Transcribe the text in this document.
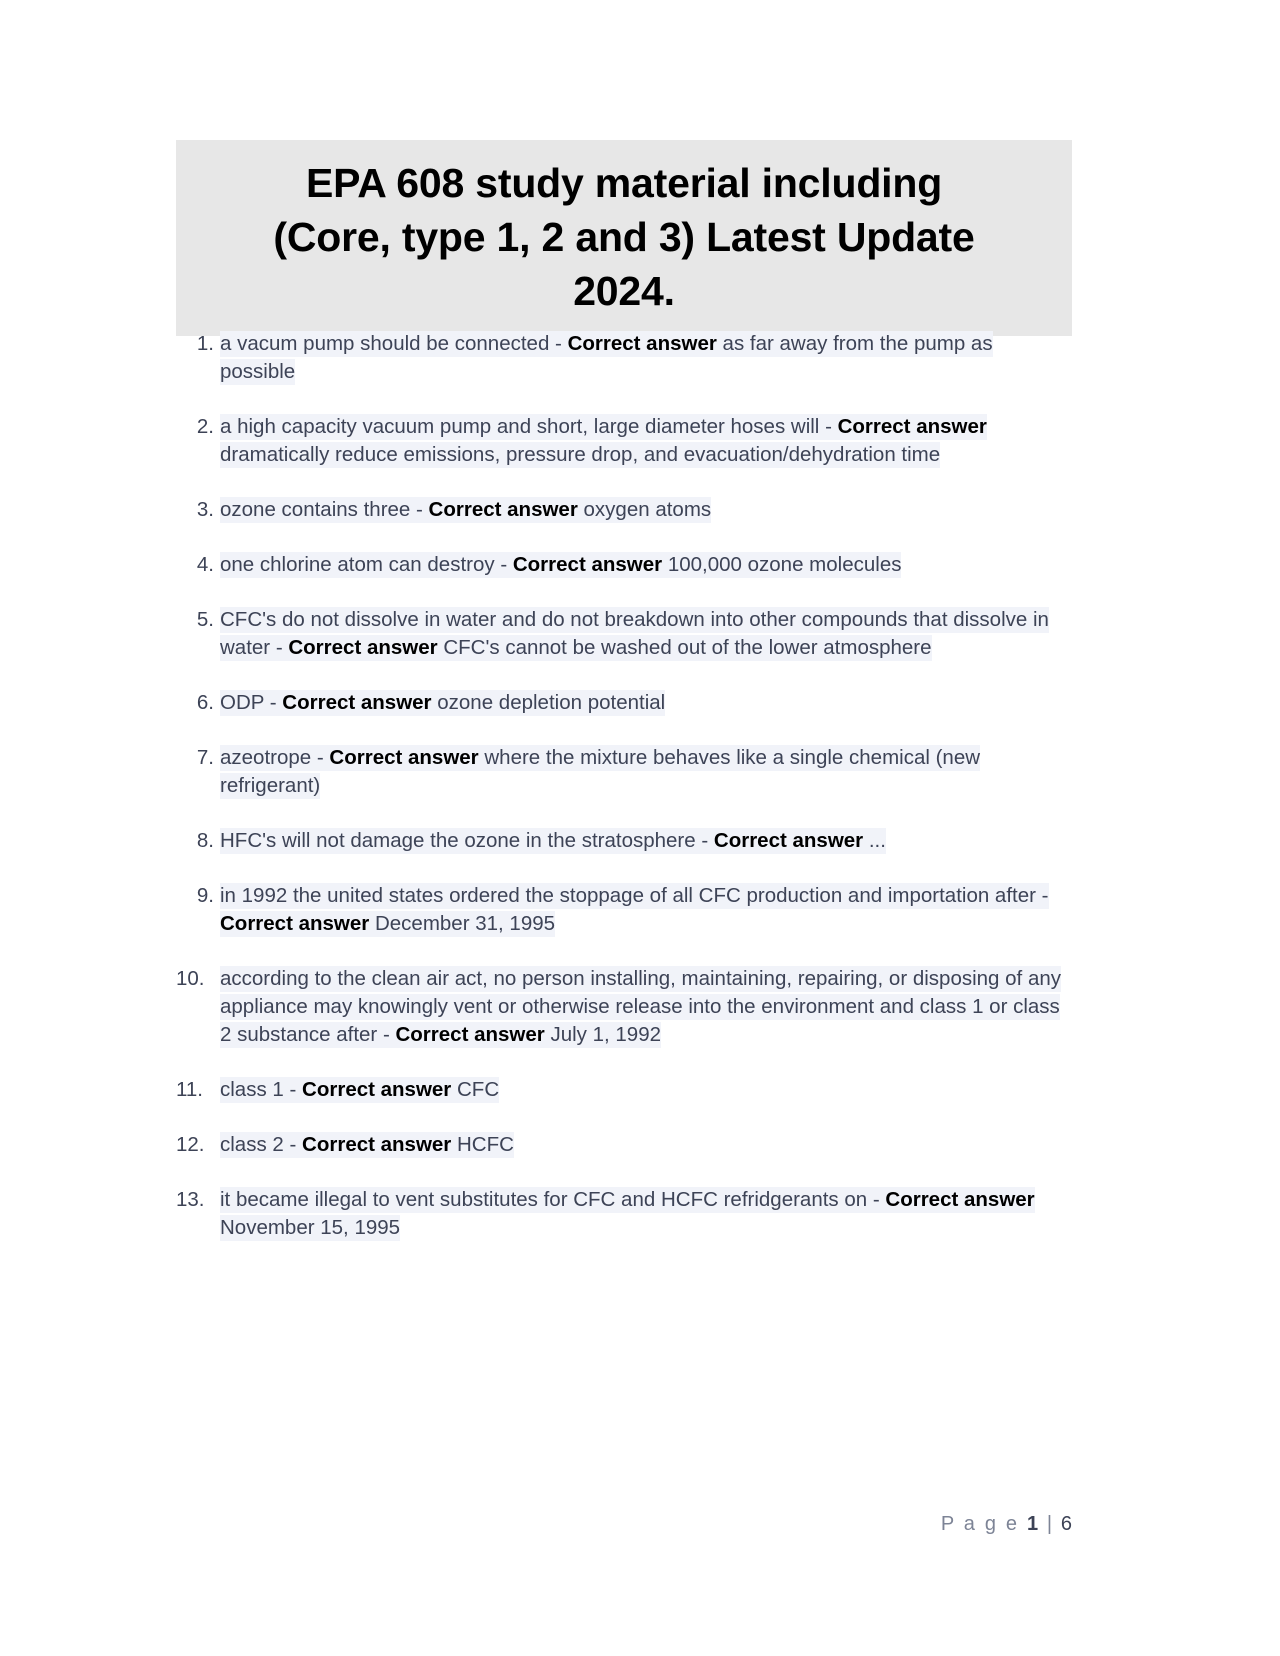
EPA 608 study material including
(Core, type 1, 2 and 3) Latest Update
2024.
1. a vacum pump should be connected - Correct answer as far away from the pump as possible
2. a high capacity vacuum pump and short, large diameter hoses will - Correct answer dramatically reduce emissions, pressure drop, and evacuation/dehydration time
3. ozone contains three - Correct answer oxygen atoms
4. one chlorine atom can destroy - Correct answer 100,000 ozone molecules
5. CFC's do not dissolve in water and do not breakdown into other compounds that dissolve in water - Correct answer CFC's cannot be washed out of the lower atmosphere
6. ODP - Correct answer ozone depletion potential
7. azeotrope - Correct answer where the mixture behaves like a single chemical (new refrigerant)
8. HFC's will not damage the ozone in the stratosphere - Correct answer ...
9. in 1992 the united states ordered the stoppage of all CFC production and importation after - Correct answer December 31, 1995
10. according to the clean air act, no person installing, maintaining, repairing, or disposing of any appliance may knowingly vent or otherwise release into the environment and class 1 or class 2 substance after - Correct answer July 1, 1992
11. class 1 - Correct answer CFC
12. class 2 - Correct answer HCFC
13. it became illegal to vent substitutes for CFC and HCFC refridgerants on - Correct answer November 15, 1995
P a g e 1 | 6
